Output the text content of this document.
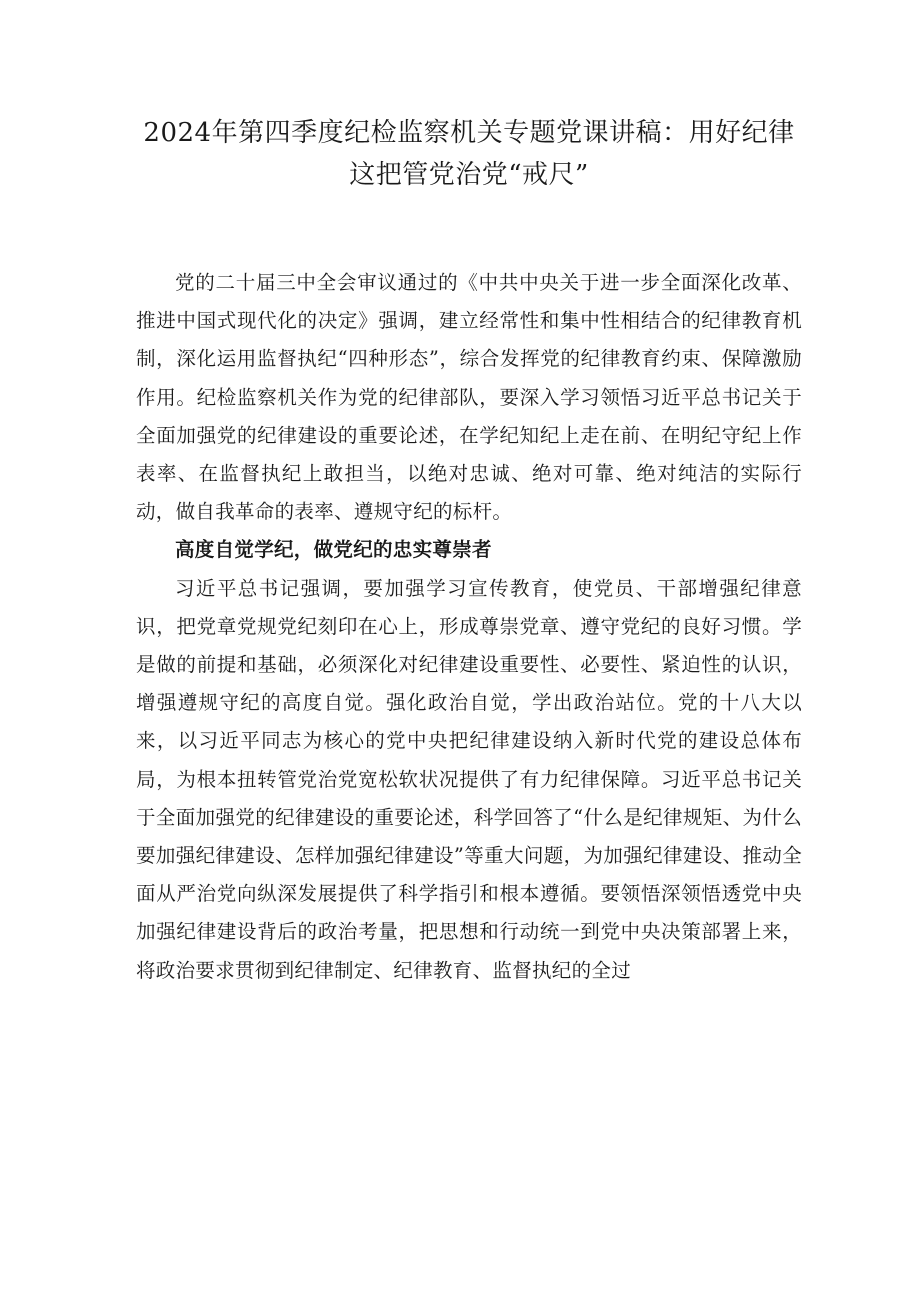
2024年第四季度纪检监察机关专题党课讲稿：用好纪律这把管党治党“戒尺”

党的二十届三中全会审议通过的《中共中央关于进一步全面深化改革、推进中国式现代化的决定》强调，建立经常性和集中性相结合的纪律教育机制，深化运用监督执纪“四种形态”，综合发挥党的纪律教育约束、保障激励作用。纪检监察机关作为党的纪律部队，要深入学习领悟习近平总书记关于全面加强党的纪律建设的重要论述，在学纪知纪上走在前、在明纪守纪上作表率、在监督执纪上敢担当，以绝对忠诚、绝对可靠、绝对纯洁的实际行动，做自我革命的表率、遵规守纪的标杆。

高度自觉学纪，做党纪的忠实尊崇者

习近平总书记强调，要加强学习宣传教育，使党员、干部增强纪律意识，把党章党规党纪刻印在心上，形成尊崇党章、遵守党纪的良好习惯。学是做的前提和基础，必须深化对纪律建设重要性、必要性、紧迫性的认识，增强遵规守纪的高度自觉。强化政治自觉，学出政治站位。党的十八大以来，以习近平同志为核心的党中央把纪律建设纳入新时代党的建设总体布局，为根本扭转管党治党宽松软状况提供了有力纪律保障。习近平总书记关于全面加强党的纪律建设的重要论述，科学回答了“什么是纪律规矩、为什么要加强纪律建设、怎样加强纪律建设”等重大问题，为加强纪律建设、推动全面从严治党向纵深发展提供了科学指引和根本遵循。要领悟深领悟透党中央加强纪律建设背后的政治考量，把思想和行动统一到党中央决策部署上来，将政治要求贯彻到纪律制定、纪律教育、监督执纪的全过
